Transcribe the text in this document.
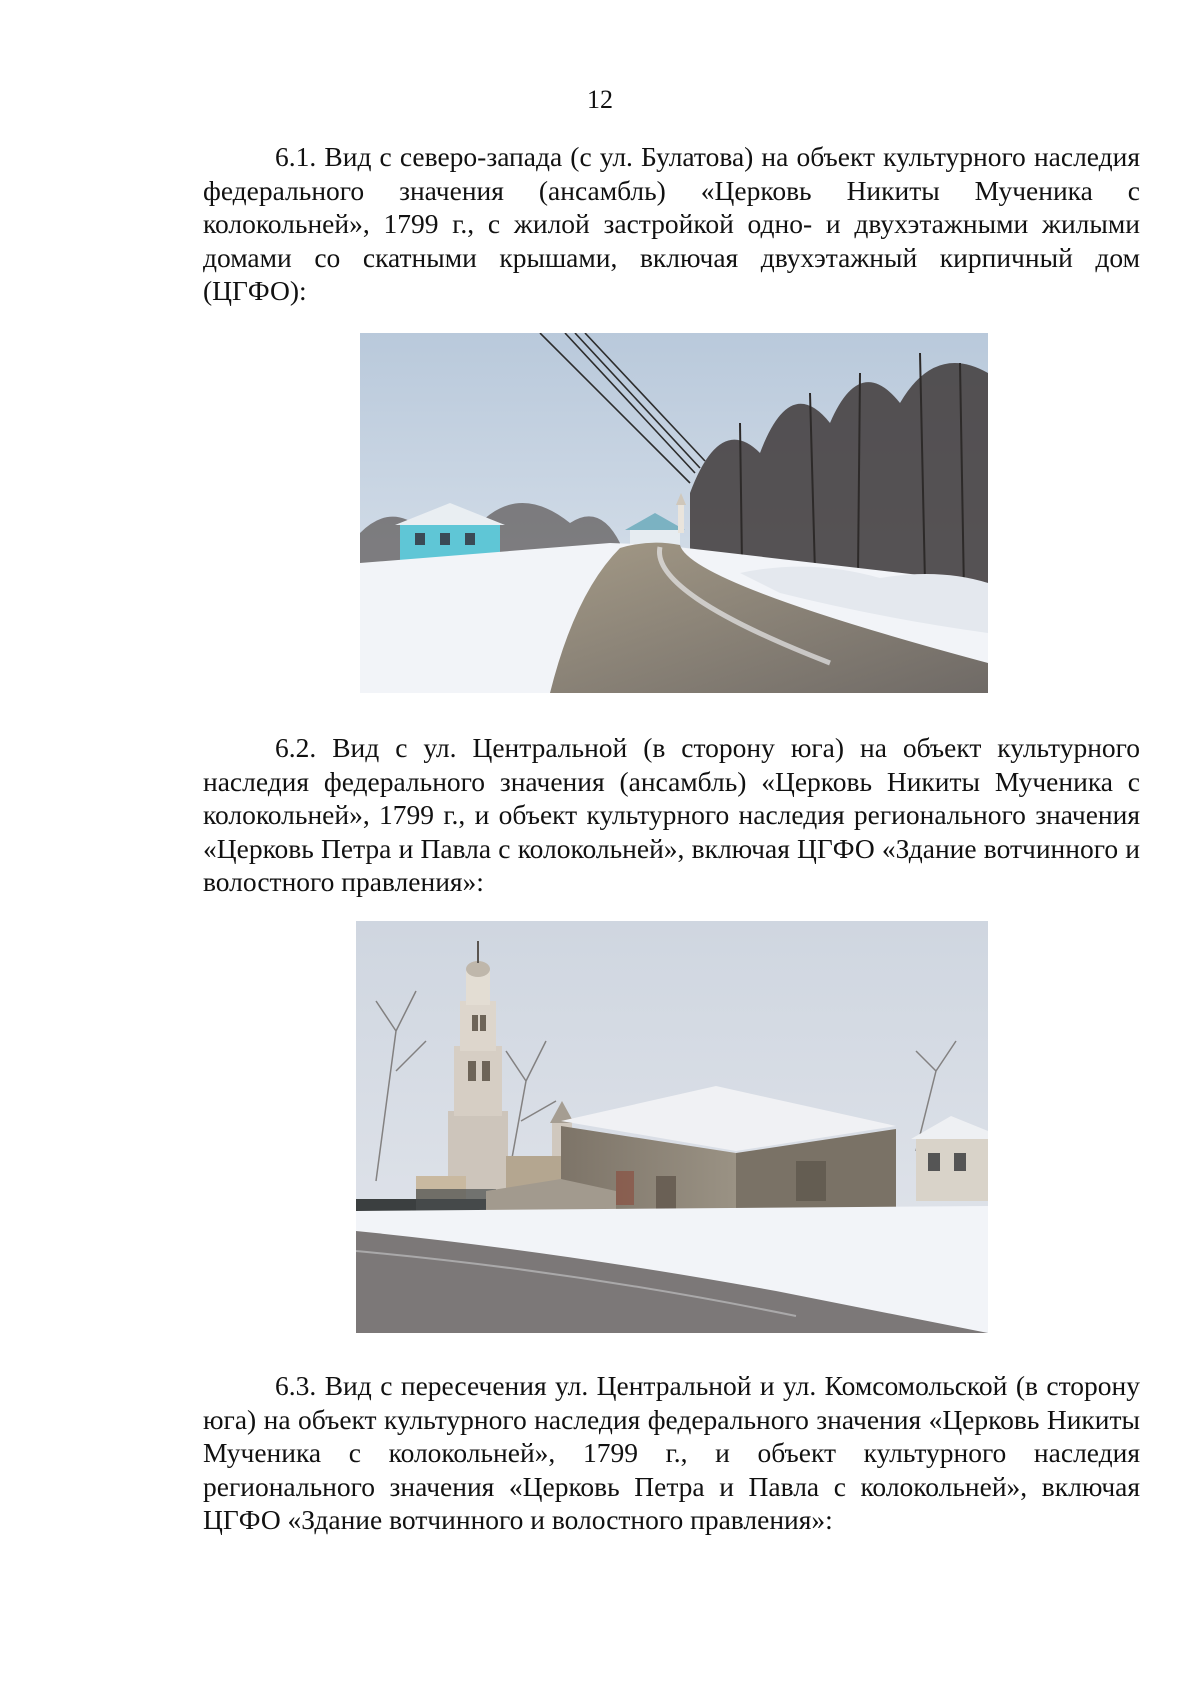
12

6.1. Вид с северо-запада (с ул. Булатова) на объект культурного наследия федерального значения (ансамбль) «Церковь Никиты Мученика с колокольней», 1799 г., с жилой застройкой одно- и двухэтажными жилыми домами со скатными крышами, включая двухэтажный кирпичный дом (ЦГФО):

6.2. Вид с ул. Центральной (в сторону юга) на объект культурного наследия федерального значения (ансамбль) «Церковь Никиты Мученика с колокольней», 1799 г., и объект культурного наследия регионального значения «Церковь Петра и Павла с колокольней», включая ЦГФО «Здание вотчинного и волостного правления»:

6.3. Вид с пересечения ул. Центральной и ул. Комсомольской (в сторону юга) на объект культурного наследия федерального значения «Церковь Никиты Мученика с колокольней», 1799 г., и объект культурного наследия регионального значения «Церковь Петра и Павла с колокольней», включая ЦГФО «Здание вотчинного и волостного правления»:
